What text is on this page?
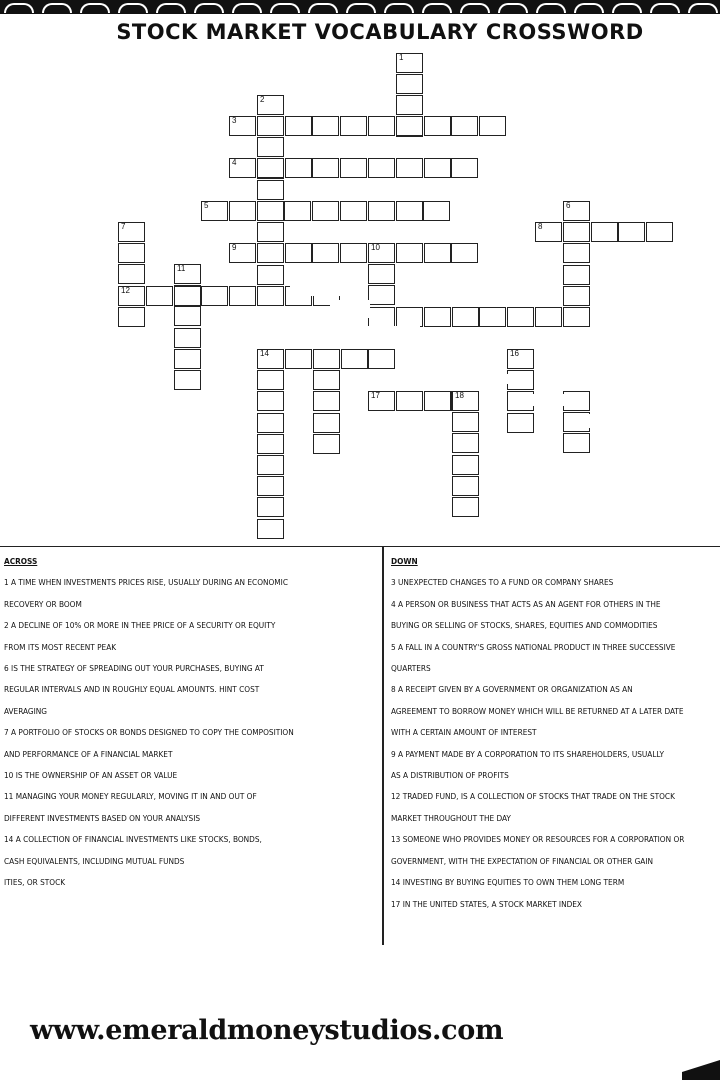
STOCK MARKET VOCABULARY CROSSWORD
1
2
3
4
5	6
8
7
9	10
11
12
14	16
17	18
ACROSS
1 A TIME WHEN INVESTMENTS PRICES RISE, USUALLY DURING AN ECONOMIC
RECOVERY OR BOOM
2 A DECLINE OF 10% OR MORE IN THEE PRICE OF A SECURITY OR EQUITY
FROM ITS MOST RECENT PEAK
6 IS THE STRATEGY OF SPREADING OUT YOUR PURCHASES, BUYING AT
REGULAR INTERVALS AND IN ROUGHLY EQUAL AMOUNTS. HINT COST
AVERAGING
7 A PORTFOLIO OF STOCKS OR BONDS DESIGNED TO COPY THE COMPOSITION
AND PERFORMANCE OF A FINANCIAL MARKET
10 IS THE OWNERSHIP OF AN ASSET OR VALUE
11 MANAGING YOUR MONEY REGULARLY, MOVING IT IN AND OUT OF
DIFFERENT INVESTMENTS BASED ON YOUR ANALYSIS
14 A COLLECTION OF FINANCIAL INVESTMENTS LIKE STOCKS, BONDS,
CASH EQUIVALENTS, INCLUDING MUTUAL FUNDS
ITIES, OR STOCK
DOWN
3 UNEXPECTED CHANGES TO A FUND OR COMPANY SHARES
4 A PERSON OR BUSINESS THAT ACTS AS AN AGENT FOR OTHERS IN THE
BUYING OR SELLING OF STOCKS, SHARES, EQUITIES AND COMMODITIES
5 A FALL IN A COUNTRY'S GROSS NATIONAL PRODUCT IN THREE SUCCESSIVE
QUARTERS
8 A RECEIPT GIVEN BY A GOVERNMENT OR ORGANIZATION AS AN
AGREEMENT TO BORROW MONEY WHICH WILL BE RETURNED AT A LATER DATE
WITH A CERTAIN AMOUNT OF INTEREST
9 A PAYMENT MADE BY A CORPORATION TO ITS SHAREHOLDERS, USUALLY
AS A DISTRIBUTION OF PROFITS
12 TRADED FUND, IS A COLLECTION OF STOCKS THAT TRADE ON THE STOCK
MARKET THROUGHOUT THE DAY
13 SOMEONE WHO PROVIDES MONEY OR RESOURCES FOR A CORPORATION OR
GOVERNMENT, WITH THE EXPECTATION OF FINANCIAL OR OTHER GAIN
14 INVESTING BY BUYING EQUITIES TO OWN THEM LONG TERM
17 IN THE UNITED STATES, A STOCK MARKET INDEX
www.emeraldmoneystudios.com
